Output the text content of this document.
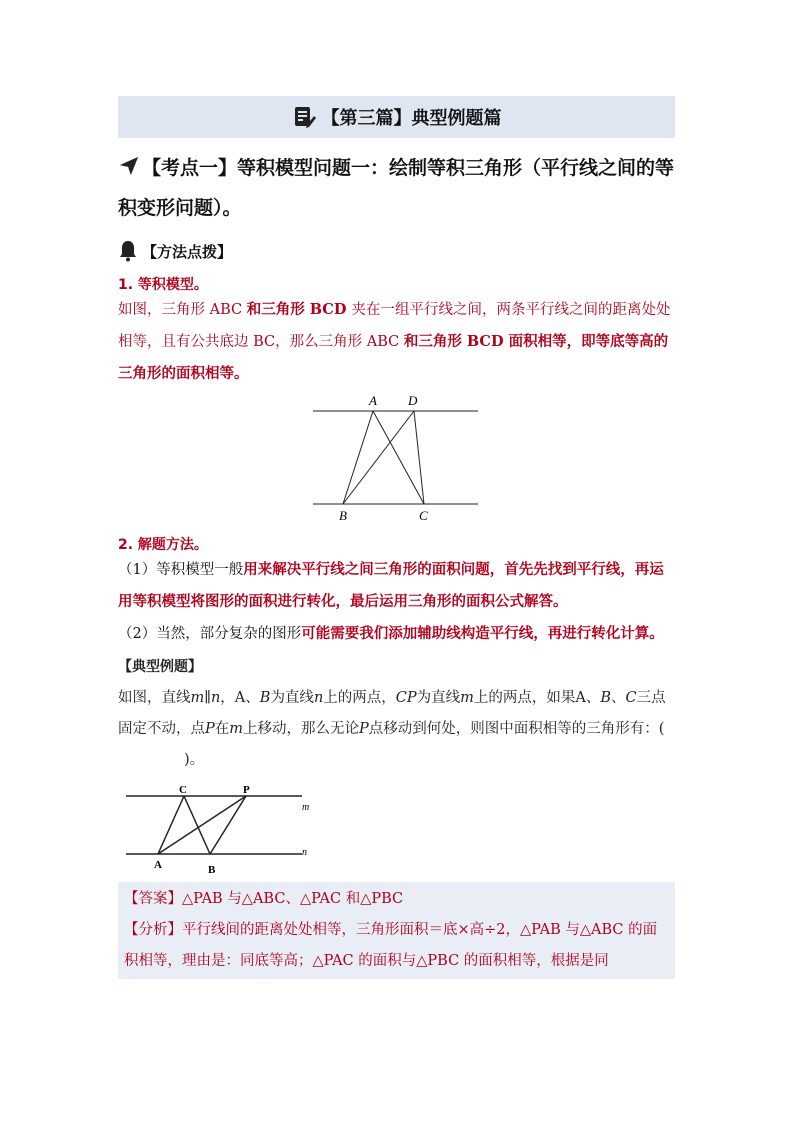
【第三篇】典型例题篇
【考点一】等积模型问题一：绘制等积三角形（平行线之间的等积变形问题）。
【方法点拨】
1. 等积模型。
如图，三角形 ABC 和三角形 BCD 夹在一组平行线之间，两条平行线之间的距离处处相等，且有公共底边 BC，那么三角形 ABC 和三角形 BCD 面积相等，即等底等高的三角形的面积相等。
A D
B	C
2. 解题方法。
（1）等积模型一般用来解决平行线之间三角形的面积问题，首先先找到平行线，再运用等积模型将图形的面积进行转化，最后运用三角形的面积公式解答。
（2）当然，部分复杂的图形可能需要我们添加辅助线构造平行线，再进行转化计算。
【典型例题】
如图，直线m∥n，A、B为直线n上的两点，CP为直线m上的两点，如果A、B、C三点固定不动，点P在m上移动，那么无论P点移动到何处，则图中面积相等的三角形有：()。
C	P
A	B
m
n
【答案】△PAB 与△ABC、△PAC 和△PBC
【分析】平行线间的距离处处相等，三角形面积＝底×高÷2，△PAB 与△ABC 的面积相等，理由是：同底等高；△PAC 的面积与△PBC 的面积相等，根据是同
